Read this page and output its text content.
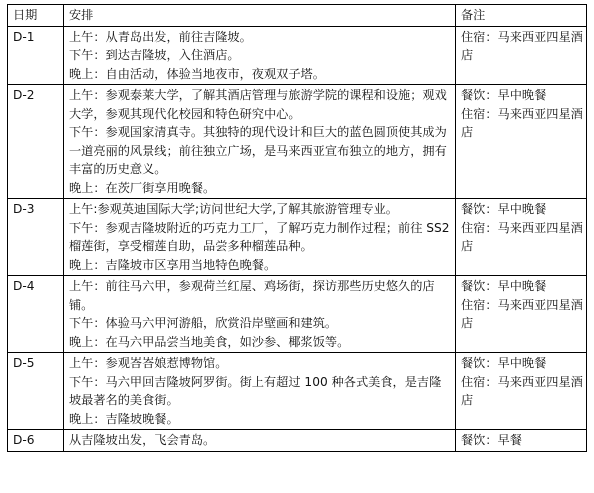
日期	安排	备注
D-1	上午：从青岛出发，前往吉隆坡。
下午：到达吉隆坡，入住酒店。
晚上：自由活动，体验当地夜市，夜观双子塔。	住宿：马来西亚四星酒店

D-2	上午：参观泰莱大学，了解其酒店管理与旅游学院的课程和设施；观戏大学，参观其现代化校园和特色研究中心。
下午：参观国家清真寺。其独特的现代设计和巨大的蓝色圆顶使其成为一道亮丽的风景线；前往独立广场，是马来西亚宣布独立的地方，拥有丰富的历史意义。
晚上：在茨厂街享用晚餐。	餐饮：早中晚餐
住宿：马来西亚四星酒店

D-3	上午:参观英迪国际大学;访问世纪大学,了解其旅游管理专业。
下午：参观吉隆坡附近的巧克力工厂，了解巧克力制作过程；前往 SS2 榴莲街，享受榴莲自助，品尝多种榴莲品种。
晚上：吉隆坡市区享用当地特色晚餐。	餐饮：早中晚餐
住宿：马来西亚四星酒店

D-4	上午：前往马六甲，参观荷兰红屋、鸡场街，探访那些历史悠久的店铺。
下午：体验马六甲河游船，欣赏沿岸壁画和建筑。
晚上：在马六甲品尝当地美食，如沙参、椰浆饭等。	餐饮：早中晚餐
住宿：马来西亚四星酒店

D-5	上午：参观峇峇娘惹博物馆。
下午：马六甲回吉隆坡阿罗街。街上有超过 100 种各式美食，是吉隆坡最著名的美食街。
晚上：吉隆坡晚餐。	餐饮：早中晚餐
住宿：马来西亚四星酒店

D-6	从吉隆坡出发，飞会青岛。	餐饮：早餐
